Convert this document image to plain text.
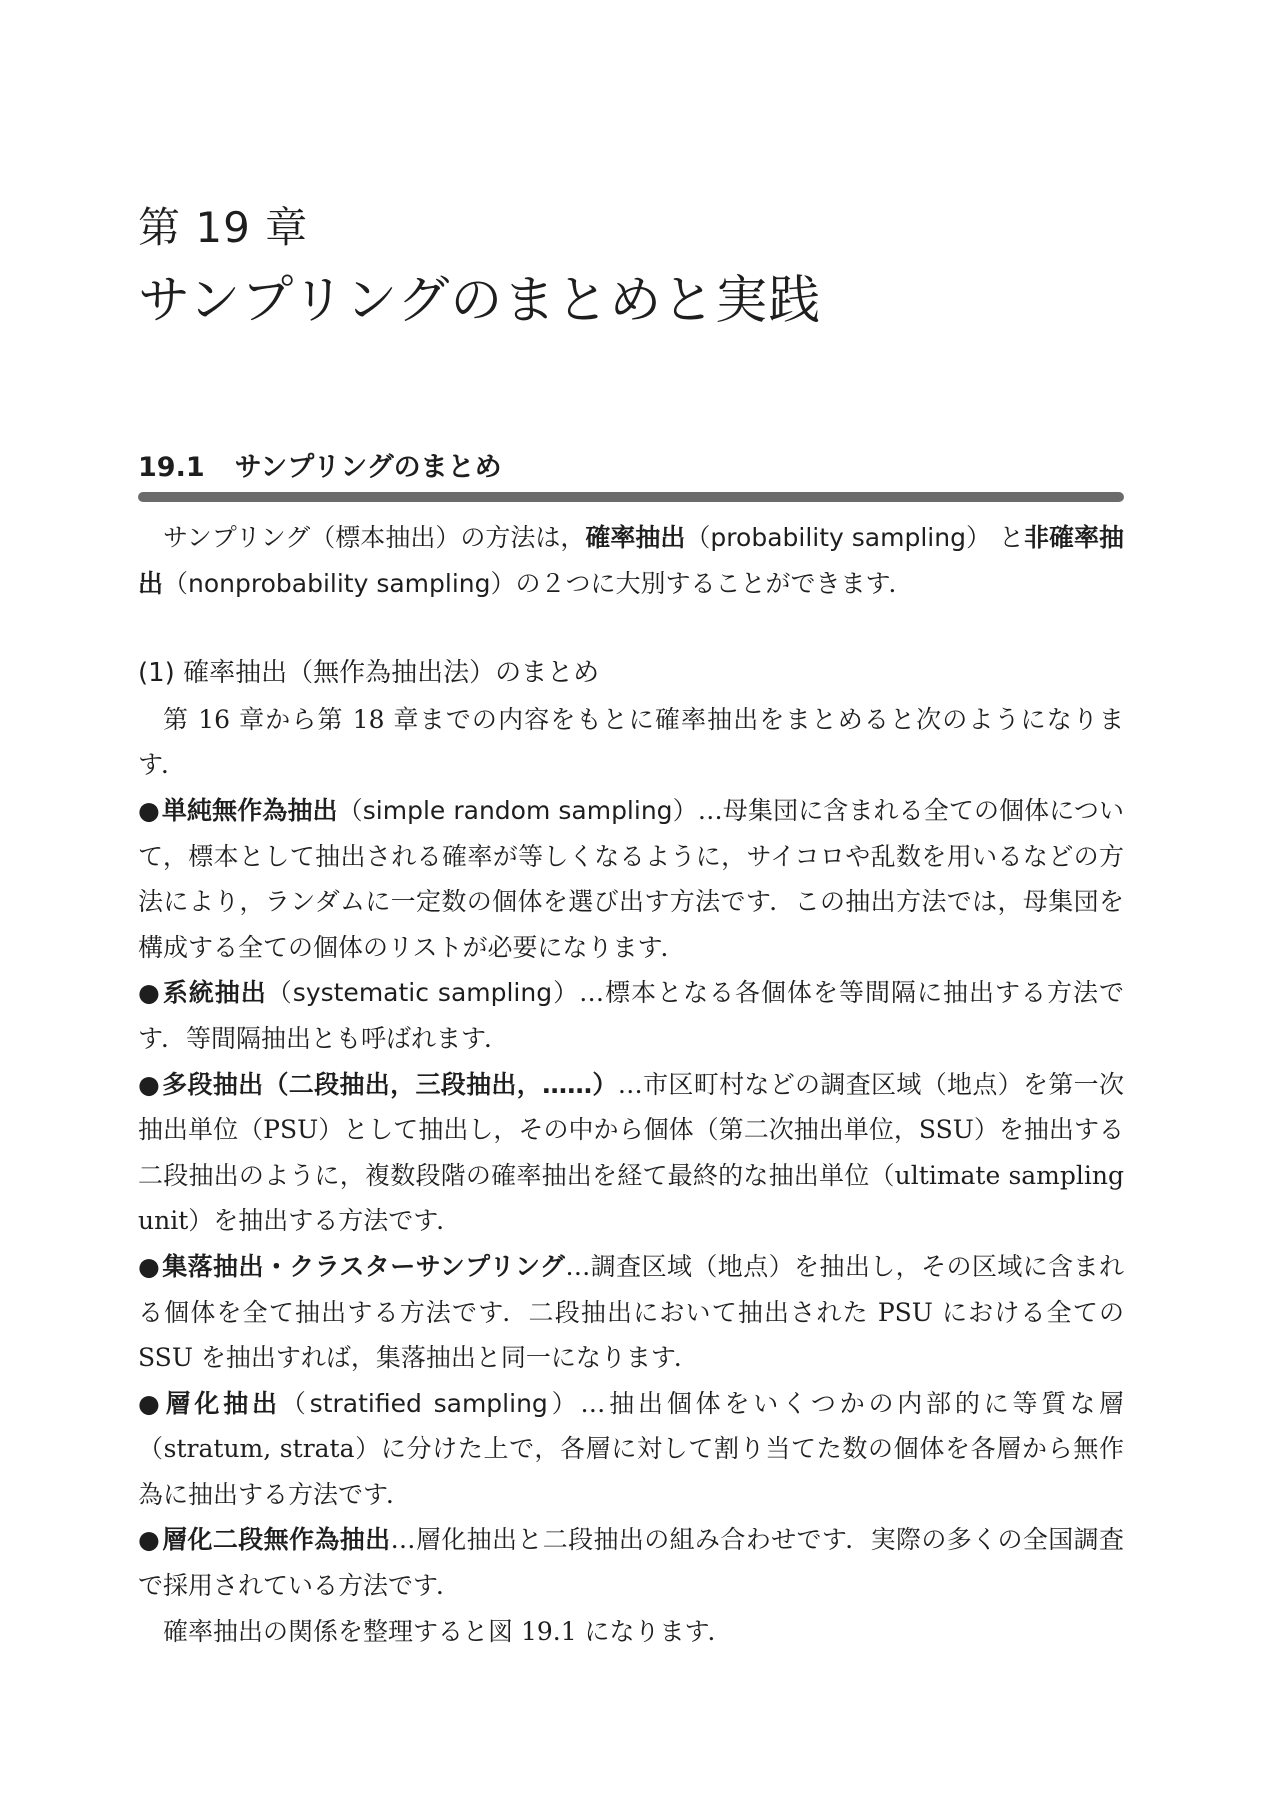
第 19 章
サンプリングのまとめと実践
19.1 サンプリングのまとめ

サンプリング（標本抽出）の方法は，確率抽出（probability sampling） と非確率抽出（nonprobability sampling）の２つに大別することができます．

(1) 確率抽出（無作為抽出法）のまとめ

第 16 章から第 18 章までの内容をもとに確率抽出をまとめると次のようになります．

●単純無作為抽出（simple random sampling）…母集団に含まれる全ての個体について，標本として抽出される確率が等しくなるように，サイコロや乱数を用いるなどの方法により，ランダムに一定数の個体を選び出す方法です．この抽出方法では，母集団を構成する全ての個体のリストが必要になります．

●系統抽出（systematic sampling）…標本となる各個体を等間隔に抽出する方法です．等間隔抽出とも呼ばれます．

●多段抽出（二段抽出，三段抽出，……）…市区町村などの調査区域（地点）を第一次抽出単位（PSU）として抽出し，その中から個体（第二次抽出単位，SSU）を抽出する二段抽出のように，複数段階の確率抽出を経て最終的な抽出単位（ultimate sampling unit）を抽出する方法です．

●集落抽出・クラスターサンプリング…調査区域（地点）を抽出し，その区域に含まれる個体を全て抽出する方法です．二段抽出において抽出された PSU における全ての SSU を抽出すれば，集落抽出と同一になります．

●層化抽出（stratified sampling）…抽出個体をいくつかの内部的に等質な層（stratum, strata）に分けた上で，各層に対して割り当てた数の個体を各層から無作為に抽出する方法です．

●層化二段無作為抽出…層化抽出と二段抽出の組み合わせです．実際の多くの全国調査で採用されている方法です．

確率抽出の関係を整理すると図 19.1 になります．
